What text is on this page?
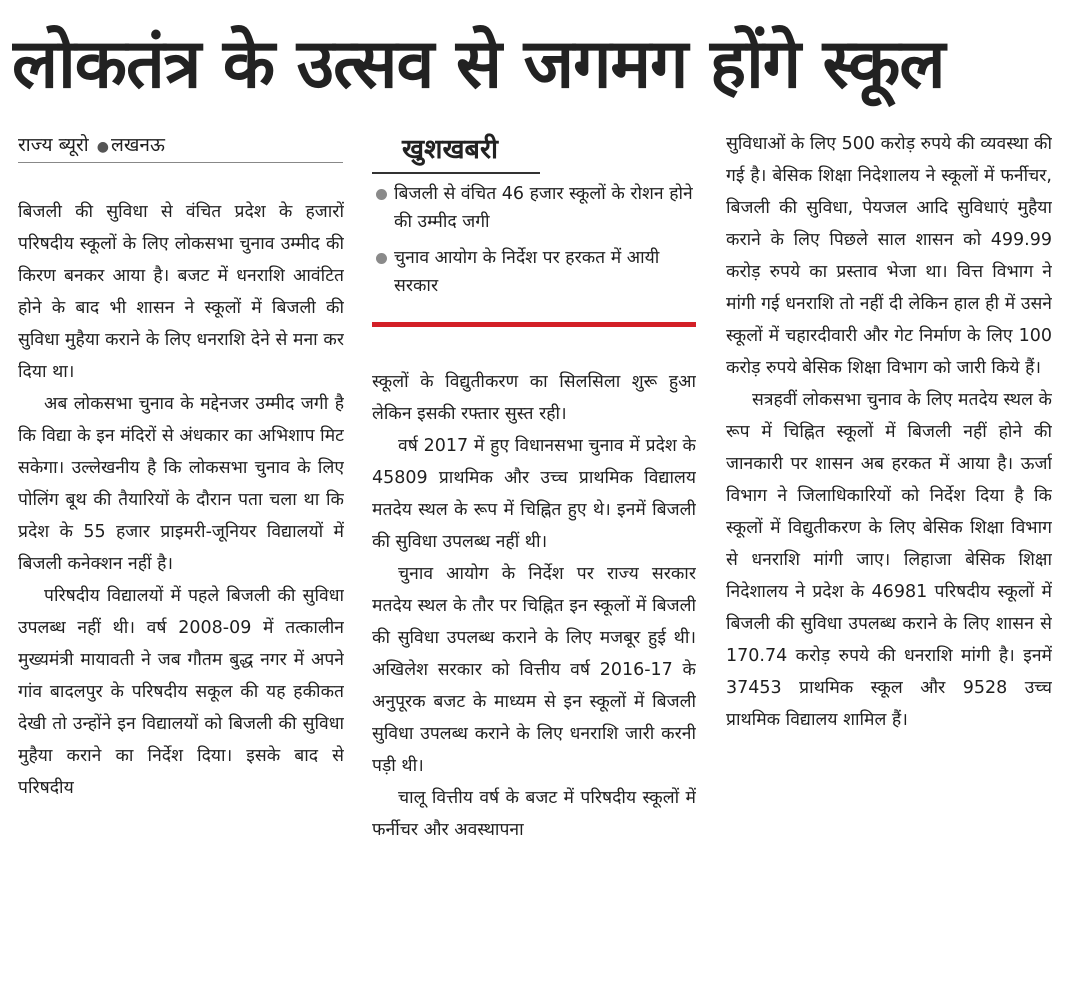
लोकतंत्र के उत्सव से जगमग होंगे स्कूल
राज्य ब्यूरो ● लखनऊ

बिजली की सुविधा से वंचित प्रदेश के हजारों परिषदीय स्कूलों के लिए लोकसभा चुनाव उम्मीद की किरण बनकर आया है। बजट में धनराशि आवंटित होने के बाद भी शासन ने स्कूलों में बिजली की सुविधा मुहैया कराने के लिए धनराशि देने से मना कर दिया था।

अब लोकसभा चुनाव के मद्देनजर उम्मीद जगी है कि विद्या के इन मंदिरों से अंधकार का अभिशाप मिट सकेगा। उल्लेखनीय है कि लोकसभा चुनाव के लिए पोलिंग बूथ की तैयारियों के दौरान पता चला था कि प्रदेश के 55 हजार प्राइमरी-जूनियर विद्यालयों में बिजली कनेक्शन नहीं है।

परिषदीय विद्यालयों में पहले बिजली की सुविधा उपलब्ध नहीं थी। वर्ष 2008-09 में तत्कालीन मुख्यमंत्री मायावती ने जब गौतम बुद्ध नगर में अपने गांव बादलपुर के परिषदीय सकूल की यह हकीकत देखी तो उन्होंने इन विद्यालयों को बिजली की सुविधा मुहैया कराने का निर्देश दिया। इसके बाद से परिषदीय

खुशखबरी
बिजली से वंचित 46 हजार स्कूलों के रोशन होने की उम्मीद जगी
चुनाव आयोग के निर्देश पर हरकत में आयी सरकार

स्कूलों के विद्युतीकरण का सिलसिला शुरू हुआ लेकिन इसकी रफ्तार सुस्त रही।

वर्ष 2017 में हुए विधानसभा चुनाव में प्रदेश के 45809 प्राथमिक और उच्च प्राथमिक विद्यालय मतदेय स्थल के रूप में चिह्नित हुए थे। इनमें बिजली की सुविधा उपलब्ध नहीं थी।

चुनाव आयोग के निर्देश पर राज्य सरकार मतदेय स्थल के तौर पर चिह्नित इन स्कूलों में बिजली की सुविधा उपलब्ध कराने के लिए मजबूर हुई थी। अखिलेश सरकार को वित्तीय वर्ष 2016-17 के अनुपूरक बजट के माध्यम से इन स्कूलों में बिजली सुविधा उपलब्ध कराने के लिए धनराशि जारी करनी पड़ी थी।

चालू वित्तीय वर्ष के बजट में परिषदीय स्कूलों में फर्नीचर और अवस्थापना

सुविधाओं के लिए 500 करोड़ रुपये की व्यवस्था की गई है। बेसिक शिक्षा निदेशालय ने स्कूलों में फर्नीचर, बिजली की सुविधा, पेयजल आदि सुविधाएं मुहैया कराने के लिए पिछले साल शासन को 499.99 करोड़ रुपये का प्रस्ताव भेजा था। वित्त विभाग ने मांगी गई धनराशि तो नहीं दी लेकिन हाल ही में उसने स्कूलों में चहारदीवारी और गेट निर्माण के लिए 100 करोड़ रुपये बेसिक शिक्षा विभाग को जारी किये हैं।

सत्रहवीं लोकसभा चुनाव के लिए मतदेय स्थल के रूप में चिह्नित स्कूलों में बिजली नहीं होने की जानकारी पर शासन अब हरकत में आया है। ऊर्जा विभाग ने जिलाधिकारियों को निर्देश दिया है कि स्कूलों में विद्युतीकरण के लिए बेसिक शिक्षा विभाग से धनराशि मांगी जाए। लिहाजा बेसिक शिक्षा निदेशालय ने प्रदेश के 46981 परिषदीय स्कूलों में बिजली की सुविधा उपलब्ध कराने के लिए शासन से 170.74 करोड़ रुपये की धनराशि मांगी है। इनमें 37453 प्राथमिक स्कूल और 9528 उच्च प्राथमिक विद्यालय शामिल हैं।
